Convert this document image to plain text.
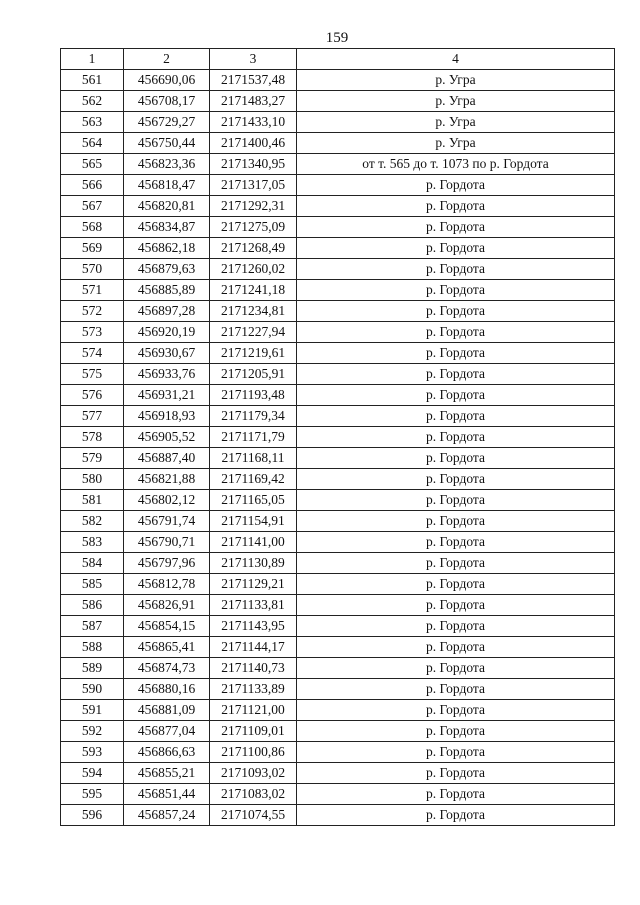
159
1	2	3	4
561	456690,06	2171537,48	р. Угра
562	456708,17	2171483,27	р. Угра
563	456729,27	2171433,10	р. Угра
564	456750,44	2171400,46	р. Угра
565	456823,36	2171340,95	от т. 565 до т. 1073 по р. Гордота
566	456818,47	2171317,05	р. Гордота
567	456820,81	2171292,31	р. Гордота
568	456834,87	2171275,09	р. Гордота
569	456862,18	2171268,49	р. Гордота
570	456879,63	2171260,02	р. Гордота
571	456885,89	2171241,18	р. Гордота
572	456897,28	2171234,81	р. Гордота
573	456920,19	2171227,94	р. Гордота
574	456930,67	2171219,61	р. Гордота
575	456933,76	2171205,91	р. Гордота
576	456931,21	2171193,48	р. Гордота
577	456918,93	2171179,34	р. Гордота
578	456905,52	2171171,79	р. Гордота
579	456887,40	2171168,11	р. Гордота
580	456821,88	2171169,42	р. Гордота
581	456802,12	2171165,05	р. Гордота
582	456791,74	2171154,91	р. Гордота
583	456790,71	2171141,00	р. Гордота
584	456797,96	2171130,89	р. Гордота
585	456812,78	2171129,21	р. Гордота
586	456826,91	2171133,81	р. Гордота
587	456854,15	2171143,95	р. Гордота
588	456865,41	2171144,17	р. Гордота
589	456874,73	2171140,73	р. Гордота
590	456880,16	2171133,89	р. Гордота
591	456881,09	2171121,00	р. Гордота
592	456877,04	2171109,01	р. Гордота
593	456866,63	2171100,86	р. Гордота
594	456855,21	2171093,02	р. Гордота
595	456851,44	2171083,02	р. Гордота
596	456857,24	2171074,55	р. Гордота
